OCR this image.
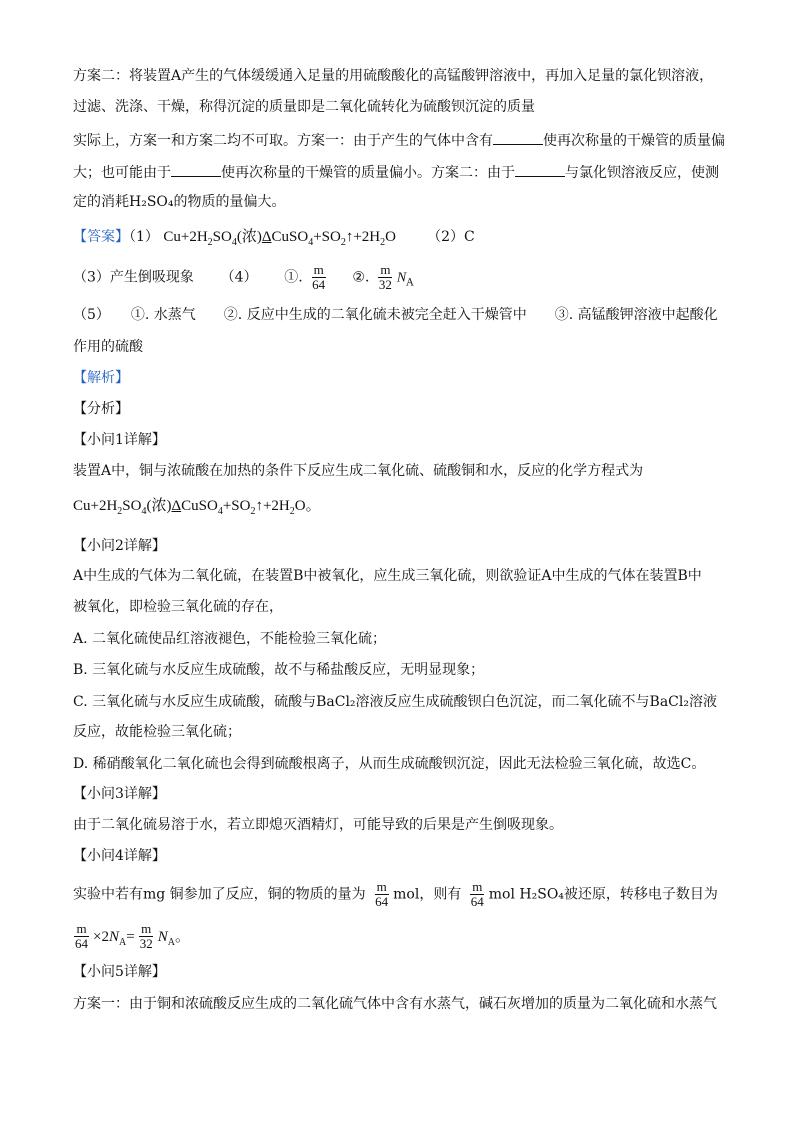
方案二：将装置A产生的气体缓缓通入足量的用硫酸酸化的高锰酸钾溶液中，再加入足量的氯化钡溶液，
过滤、洗涤、干燥，称得沉淀的质量即是二氧化硫转化为硫酸钡沉淀的质量
实际上，方案一和方案二均不可取。方案一：由于产生的气体中含有	使再次称量的干燥管的质量偏
大；也可能由于	使再次称量的干燥管的质量偏小。方案二：由于	与氯化钡溶液反应，使测
定的消耗H₂SO₄的物质的量偏大。
【答案】（1） $Cu+2H_2SO_4$(浓)$\Delta CuSO_4+SO_2↑+2H_2O$ （2）C
（3）产生倒吸现象 （4） ①. $\frac{m}{64}$ ②. $\frac{m}{32} N_A$
（5）　　①. 水蒸气　　②. 反应中生成的二氧化硫未被完全赶入干燥管中　　③. 高锰酸钾溶液中起酸化
作用的硫酸
【解析】
【分析】
【小问1详解】
装置A中，铜与浓硫酸在加热的条件下反应生成二氧化硫、硫酸铜和水，反应的化学方程式为
$Cu+2H_2SO_4$(浓)$\Delta CuSO_4+SO_2↑+2H_2O$。
【小问2详解】
A中生成的气体为二氧化硫，在装置B中被氧化，应生成三氧化硫，则欲验证A中生成的气体在装置B中
被氧化，即检验三氧化硫的存在，
A. 二氧化硫使品红溶液褪色，不能检验三氧化硫；
B. 三氧化硫与水反应生成硫酸，故不与稀盐酸反应，无明显现象；
C. 三氧化硫与水反应生成硫酸，硫酸与BaCl₂溶液反应生成硫酸钡白色沉淀，而二氧化硫不与BaCl₂溶液
反应，故能检验三氧化硫；
D. 稀硝酸氧化二氧化硫也会得到硫酸根离子，从而生成硫酸钡沉淀，因此无法检验三氧化硫，故选C。
【小问3详解】
由于二氧化硫易溶于水，若立即熄灭酒精灯，可能导致的后果是产生倒吸现象。
【小问4详解】
实验中若有mg 铜参加了反应，铜的物质的量为 $\frac{m}{64}$ mol，则有 $\frac{m}{64}$ mol H₂SO₄被还原，转移电子数目为
$\frac{m}{64} \times 2N_A= \frac{m}{32} N_A$。
【小问5详解】
方案一：由于铜和浓硫酸反应生成的二氧化硫气体中含有水蒸气，碱石灰增加的质量为二氧化硫和水蒸气
